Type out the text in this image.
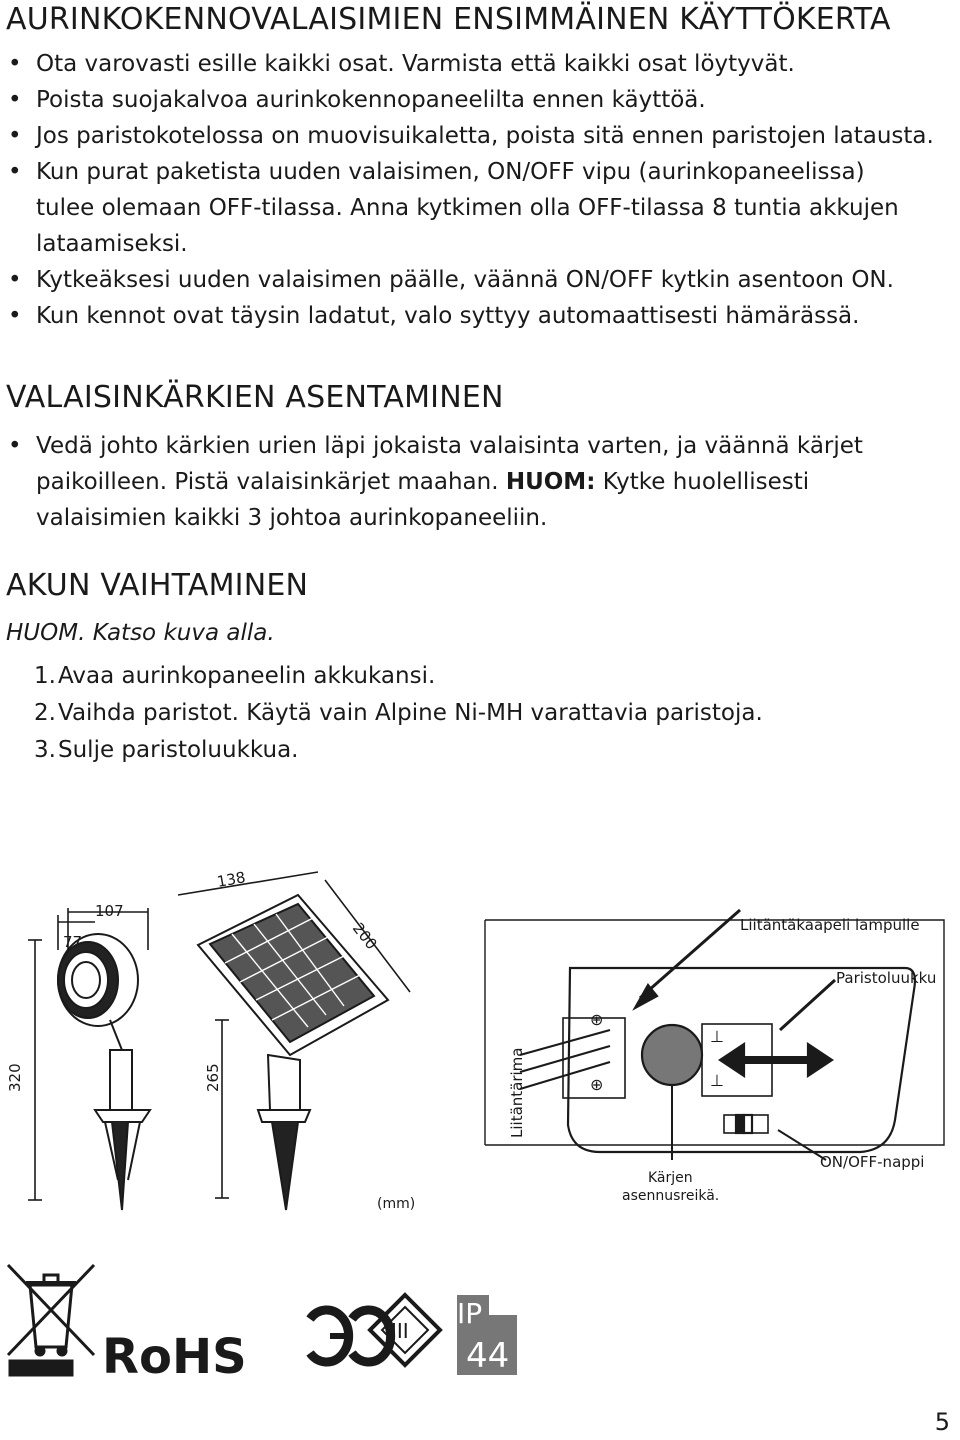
AURINKOKENNOVALAISIMIEN ENSIMMÄINEN KÄYTTÖKERTA
• Ota varovasti esille kaikki osat. Varmista että kaikki osat löytyvät.
• Poista suojakalvoa aurinkokennopaneelilta ennen käyttöä.
• Jos paristokotelossa on muovisuikaletta, poista sitä ennen paristojen latausta.
• Kun purat paketista uuden valaisimen, ON/OFF vipu (aurinkopaneelissa) tulee olemaan OFF-tilassa. Anna kytkimen olla OFF-tilassa 8 tuntia akkujen lataamiseksi.
• Kytkeäksesi uuden valaisimen päälle, väännä ON/OFF kytkin asentoon ON.
• Kun kennot ovat täysin ladatut, valo syttyy automaattisesti hämärässä.
VALAISINKÄRKIEN ASENTAMINEN
• Vedä johto kärkien urien läpi jokaista valaisinta varten, ja väännä kärjet paikoilleen. Pistä valaisinkärjet maahan. HUOM: Kytke huolellisesti valaisimien kaikki 3 johtoa aurinkopaneeliin.
AKUN VAIHTAMINEN

HUOM. Katso kuva alla.

1. Avaa aurinkopaneelin akkukansi.
2. Vaihda paristot. Käytä vain Alpine Ni-MH varattavia paristoja.
3. Sulje paristoluukkua.
⊕
⊕
⊥
⊥
77
107
138
200
320	265
(mm)
Liitäntäkaapeli lampulle
Paristoluukku
Liitäntärima
Kärjen
asennusreikä.
ON/OFF-nappi
RoHS	III
IP
44
5
